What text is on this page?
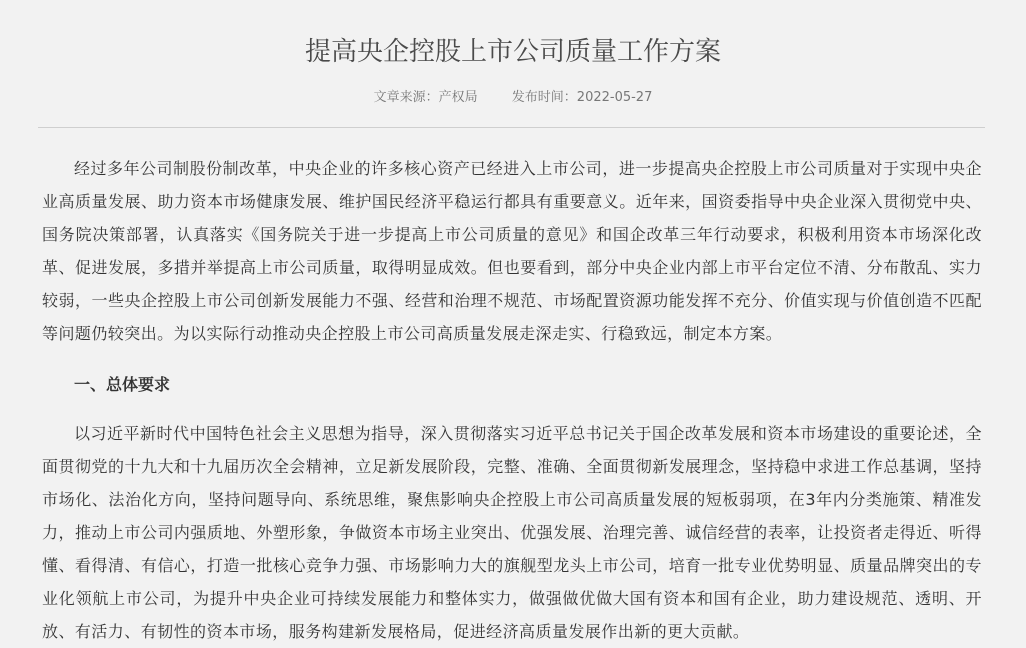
提高央企控股上市公司质量工作方案
文章来源：产权局	发布时间：2022-05-27

经过多年公司制股份制改革，中央企业的许多核心资产已经进入上市公司，进一步提高央企控股上市公司质量对于实现中央企业高质量发展、助力资本市场健康发展、维护国民经济平稳运行都具有重要意义。近年来，国资委指导中央企业深入贯彻党中央、国务院决策部署，认真落实《国务院关于进一步提高上市公司质量的意见》和国企改革三年行动要求，积极利用资本市场深化改革、促进发展，多措并举提高上市公司质量，取得明显成效。但也要看到，部分中央企业内部上市平台定位不清、分布散乱、实力较弱，一些央企控股上市公司创新发展能力不强、经营和治理不规范、市场配置资源功能发挥不充分、价值实现与价值创造不匹配等问题仍较突出。为以实际行动推动央企控股上市公司高质量发展走深走实、行稳致远，制定本方案。

一、总体要求

以习近平新时代中国特色社会主义思想为指导，深入贯彻落实习近平总书记关于国企改革发展和资本市场建设的重要论述，全面贯彻党的十九大和十九届历次全会精神，立足新发展阶段，完整、准确、全面贯彻新发展理念，坚持稳中求进工作总基调，坚持市场化、法治化方向，坚持问题导向、系统思维，聚焦影响央企控股上市公司高质量发展的短板弱项，在3年内分类施策、精准发力，推动上市公司内强质地、外塑形象，争做资本市场主业突出、优强发展、治理完善、诚信经营的表率，让投资者走得近、听得懂、看得清、有信心，打造一批核心竞争力强、市场影响力大的旗舰型龙头上市公司，培育一批专业优势明显、质量品牌突出的专业化领航上市公司，为提升中央企业可持续发展能力和整体实力，做强做优做大国有资本和国有企业，助力建设规范、透明、开放、有活力、有韧性的资本市场，服务构建新发展格局，促进经济高质量发展作出新的更大贡献。
